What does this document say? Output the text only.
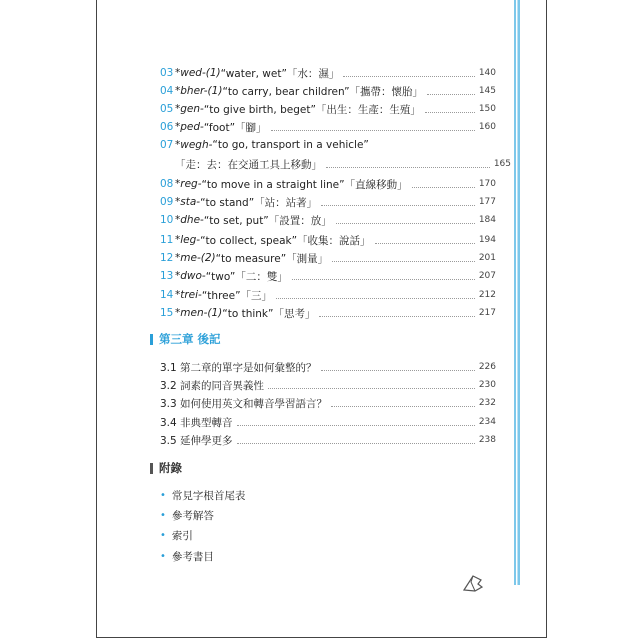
03 *wed-(1) “water, wet”「水：濕」	140
04 *bher-(1) “to carry, bear children”「攜帶：懷胎」	145
05 *gen- “to give birth, beget”「出生：生產：生殖」	150
06 *ped- “foot”「腳」	160
07 *wegh- “to go, transport in a vehicle”
「走：去：在交通工具上移動」	165
08 *reg- “to move in a straight line”「直線移動」	170
09 *sta- “to stand”「站：站著」	177
10 *dhe- “to set, put”「設置：放」	184
11 *leg- “to collect, speak”「收集：說話」	194
12 *me-(2) “to measure”「測量」	201
13 *dwo- “two”「二：雙」	207
14 *trei- “three”「三」	212
15 *men-(1) “to think”「思考」	217
第三章 後記
3.1 第二章的單字是如何彙整的？	226
3.2 詞素的同音異義性	230
3.3 如何使用英文和轉音學習語言？	232
3.4 非典型轉音	234
3.5 延伸學更多	238
附錄
• 常見字根首尾表
• 參考解答
• 索引
• 參考書目
